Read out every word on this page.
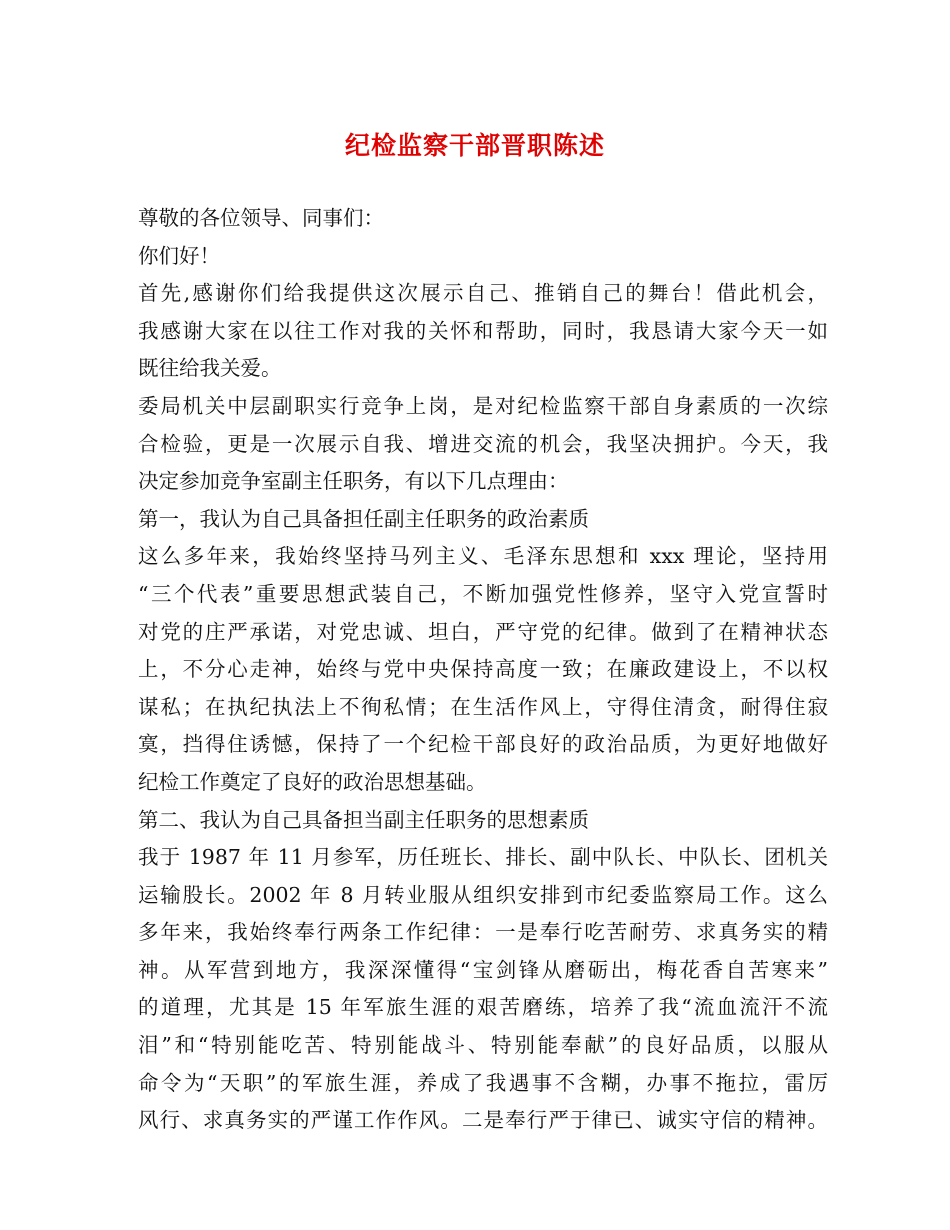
纪检监察干部晋职陈述
尊敬的各位领导、同事们：
你们好！
首先,感谢你们给我提供这次展示自己、推销自己的舞台！借此机会，
我感谢大家在以往工作对我的关怀和帮助，同时，我恳请大家今天一如
既往给我关爱。
委局机关中层副职实行竞争上岗，是对纪检监察干部自身素质的一次综
合检验，更是一次展示自我、增进交流的机会，我坚决拥护。今天，我
决定参加竞争室副主任职务，有以下几点理由：
第一，我认为自己具备担任副主任职务的政治素质
这么多年来，我始终坚持马列主义、毛泽东思想和 xxx 理论，坚持用
“三个代表”重要思想武装自己，不断加强党性修养，坚守入党宣誓时
对党的庄严承诺，对党忠诚、坦白，严守党的纪律。做到了在精神状态
上，不分心走神，始终与党中央保持高度一致；在廉政建设上，不以权
谋私；在执纪执法上不徇私情；在生活作风上，守得住清贪，耐得住寂
寞，挡得住诱憾，保持了一个纪检干部良好的政治品质，为更好地做好
纪检工作奠定了良好的政治思想基础。
第二、我认为自己具备担当副主任职务的思想素质
我于 1987 年 11 月参军，历任班长、排长、副中队长、中队长、团机关
运输股长。2002 年 8 月转业服从组织安排到市纪委监察局工作。这么
多年来，我始终奉行两条工作纪律：一是奉行吃苦耐劳、求真务实的精
神。从军营到地方，我深深懂得“宝剑锋从磨砺出，梅花香自苦寒来”
的道理，尤其是 15 年军旅生涯的艰苦磨练，培养了我“流血流汗不流
泪”和“特别能吃苦、特别能战斗、特别能奉献”的良好品质，以服从
命令为“天职”的军旅生涯，养成了我遇事不含糊，办事不拖拉，雷厉
风行、求真务实的严谨工作作风。二是奉行严于律已、诚实守信的精神。
